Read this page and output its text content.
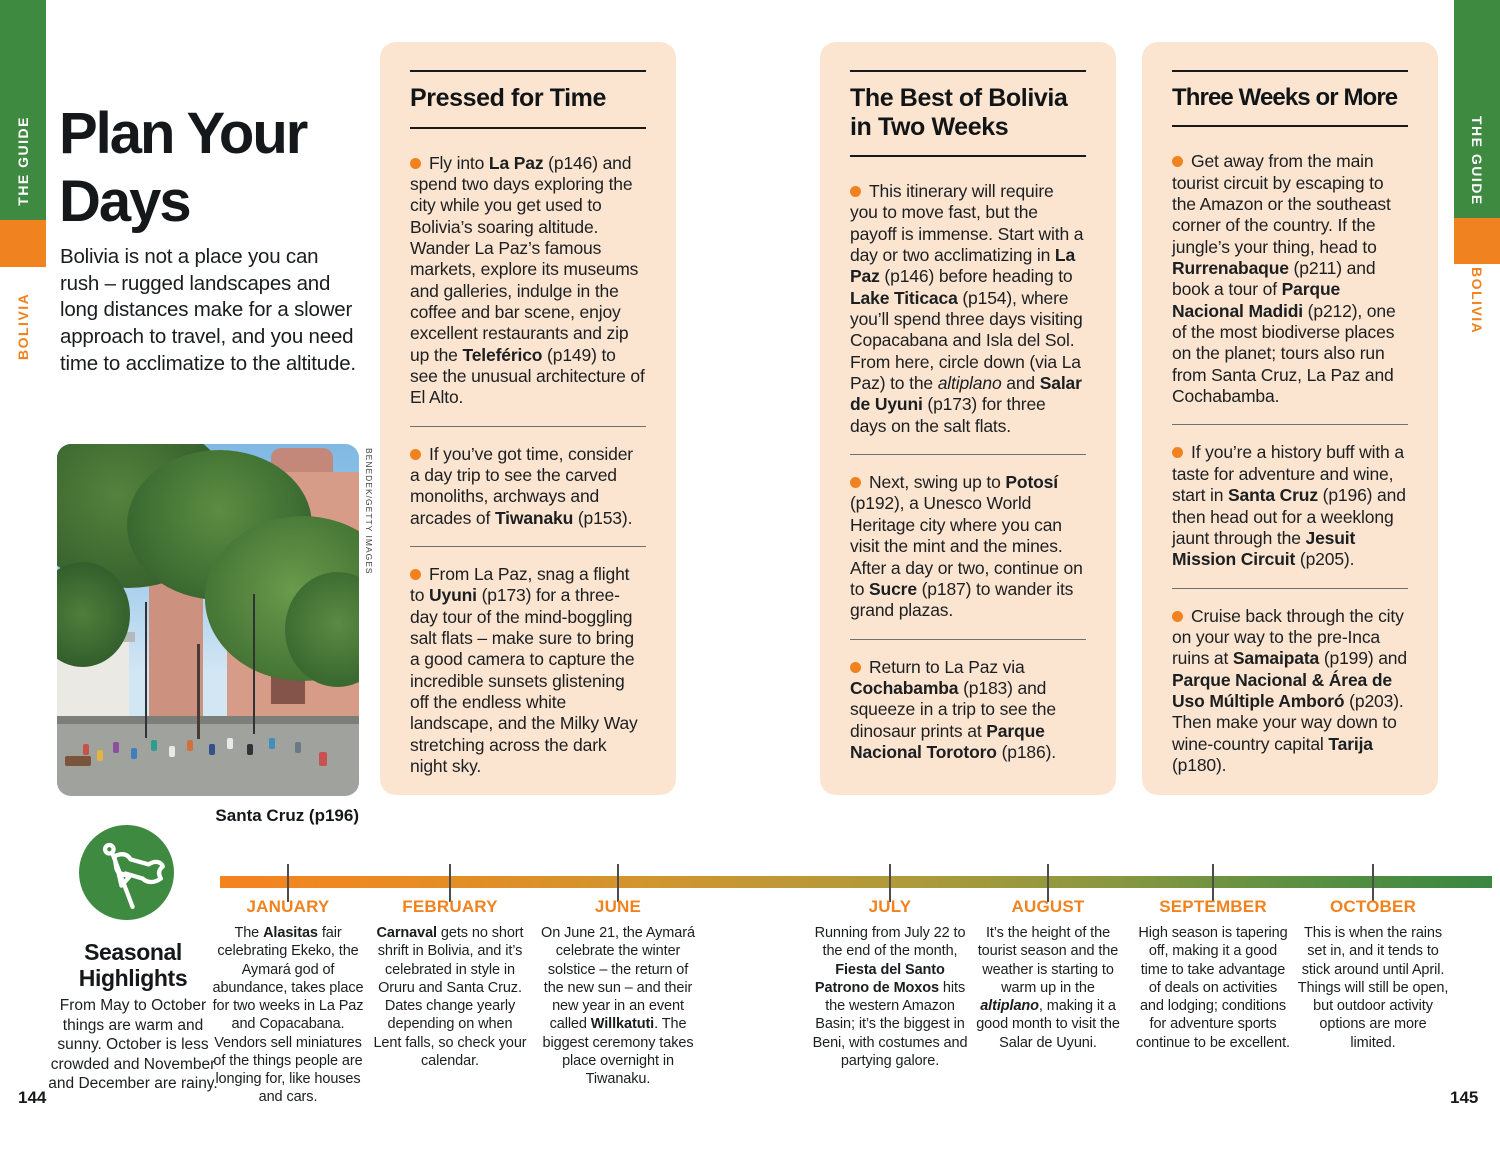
THE GUIDE
BOLIVIA
THE GUIDE
BOLIVIA
Plan Your
Days
Bolivia is not a place you can
rush – rugged landscapes and
long distances make for a slower
approach to travel, and you need
time to acclimatize to the altitude.
BENEDEK/GETTY IMAGES
Santa Cruz (p196)
Pressed for Time
Fly into La Paz (p146) and spend two days exploring the city while you get used to Bolivia’s soaring altitude. Wander La Paz’s famous markets, explore its museums and galleries, indulge in the coffee and bar scene, enjoy excellent restaurants and zip up the Teleférico (p149) to see the unusual architecture of El Alto.
If you’ve got time, consider a day trip to see the carved monoliths, archways and arcades of Tiwanaku (p153).
From La Paz, snag a flight to Uyuni (p173) for a three-day tour of the mind-boggling salt flats – make sure to bring a good camera to capture the incredible sunsets glistening off the endless white landscape, and the Milky Way stretching across the dark night sky.
The Best of Bolivia
in Two Weeks
This itinerary will require you to move fast, but the payoff is immense. Start with a day or two acclimatizing in La Paz (p146) before heading to Lake Titicaca (p154), where you’ll spend three days visiting Copacabana and Isla del Sol. From here, circle down (via La Paz) to the altiplano and Salar de Uyuni (p173) for three days on the salt flats.
Next, swing up to Potosí (p192), a Unesco World Heritage city where you can visit the mint and the mines. After a day or two, continue on to Sucre (p187) to wander its grand plazas.
Return to La Paz via Cochabamba (p183) and squeeze in a trip to see the dinosaur prints at Parque Nacional Torotoro (p186).
Three Weeks or More
Get away from the main tourist circuit by escaping to the Amazon or the southeast corner of the country. If the jungle’s your thing, head to Rurrenabaque (p211) and book a tour of Parque Nacional Madidi (p212), one of the most biodiverse places on the planet; tours also run from Santa Cruz, La Paz and Cochabamba.
If you’re a history buff with a taste for adventure and wine, start in Santa Cruz (p196) and then head out for a weeklong jaunt through the Jesuit Mission Circuit (p205).
Cruise back through the city on your way to the pre-Inca ruins at Samaipata (p199) and Parque Nacional & Área de Uso Múltiple Amboró (p203). Then make your way down to wine-country capital Tarija (p180).
Seasonal
Highlights
From May to October things are warm and sunny. October is less crowded and November and December are rainy.
JANUARY
The Alasitas fair celebrating Ekeko, the Aymará god of abundance, takes place for two weeks in La Paz and Copacabana. Vendors sell miniatures of the things people are longing for, like houses and cars.
FEBRUARY
Carnaval gets no short shrift in Bolivia, and it’s celebrated in style in Oruru and Santa Cruz. Dates change yearly depending on when Lent falls, so check your calendar.
JUNE
On June 21, the Aymará celebrate the winter solstice – the return of the new sun – and their new year in an event called Willkatuti. The biggest ceremony takes place overnight in Tiwanaku.
JULY
Running from July 22 to the end of the month, Fiesta del Santo Patrono de Moxos hits the western Amazon Basin; it’s the biggest in Beni, with costumes and partying galore.
AUGUST
It’s the height of the tourist season and the weather is starting to warm up in the altiplano, making it a good month to visit the Salar de Uyuni.
SEPTEMBER
High season is tapering off, making it a good time to take advantage of deals on activities and lodging; conditions for adventure sports continue to be excellent.
OCTOBER
This is when the rains set in, and it tends to stick around until April. Things will still be open, but outdoor activity options are more limited.
144	145
